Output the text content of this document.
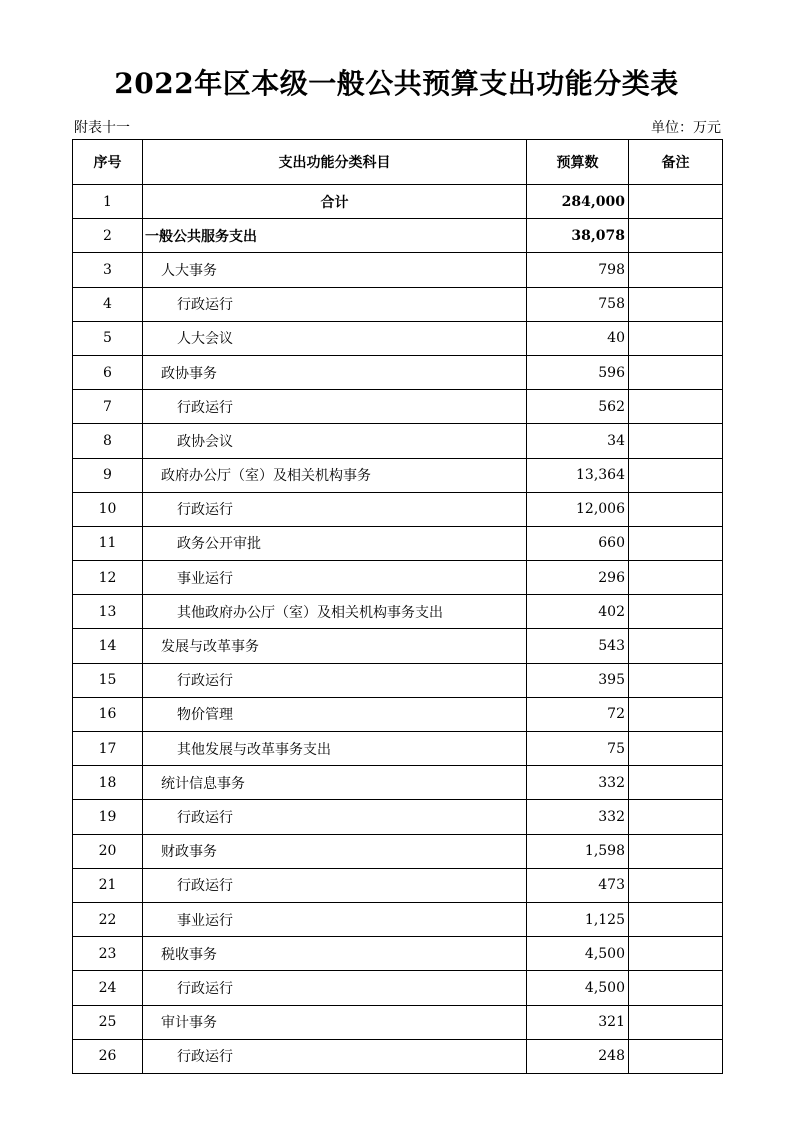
2022年区本级一般公共预算支出功能分类表
附表十一	单位：万元
序号	支出功能分类科目	预算数	备注
1	合计	284,000	
2	一般公共服务支出	38,078	
3	人大事务	798	
4	行政运行	758	
5	人大会议	40	
6	政协事务	596	
7	行政运行	562	
8	政协会议	34	
9	政府办公厅（室）及相关机构事务	13,364	
10	行政运行	12,006	
11	政务公开审批	660	
12	事业运行	296	
13	其他政府办公厅（室）及相关机构事务支出	402	
14	发展与改革事务	543	
15	行政运行	395	
16	物价管理	72	
17	其他发展与改革事务支出	75	
18	统计信息事务	332	
19	行政运行	332	
20	财政事务	1,598	
21	行政运行	473	
22	事业运行	1,125	
23	税收事务	4,500	
24	行政运行	4,500	
25	审计事务	321	
26	行政运行	248	
